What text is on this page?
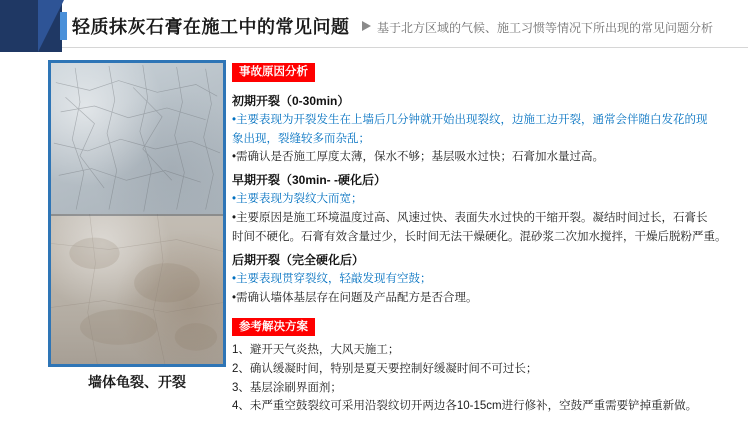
轻质抹灰石膏在施工中的常见问题 基于北方区域的气候、施工习惯等情况下所出现的常见问题分析
墙体龟裂、开裂
事故原因分析
初期开裂（0-30min）

•主要表现为开裂发生在上墙后几分钟就开始出现裂纹，边施工边开裂，通常会伴随白发花的现

象出现，裂缝较多而杂乱；

•需确认是否施工厚度太薄，保水不够；基层吸水过快；石膏加水量过高。

早期开裂（30min- -硬化后）

•主要表现为裂纹大而宽；

•主要原因是施工环境温度过高、风速过快、表面失水过快的干缩开裂。凝结时间过长，石膏长

时间不硬化。石膏有效含量过少，长时间无法干燥硬化。混砂浆二次加水搅拌，干燥后脱粉严重。

后期开裂（完全硬化后）

•主要表现贯穿裂纹，轻敲发现有空鼓；

•需确认墙体基层存在问题及产品配方是否合理。

参考解决方案

1、避开天气炎热，大风天施工；

2、确认缓凝时间，特别是夏天要控制好缓凝时间不可过长；

3、基层涂刷界面剂；

4、未严重空鼓裂纹可采用沿裂纹切开两边各10-15cm进行修补，空鼓严重需要铲掉重新做。
